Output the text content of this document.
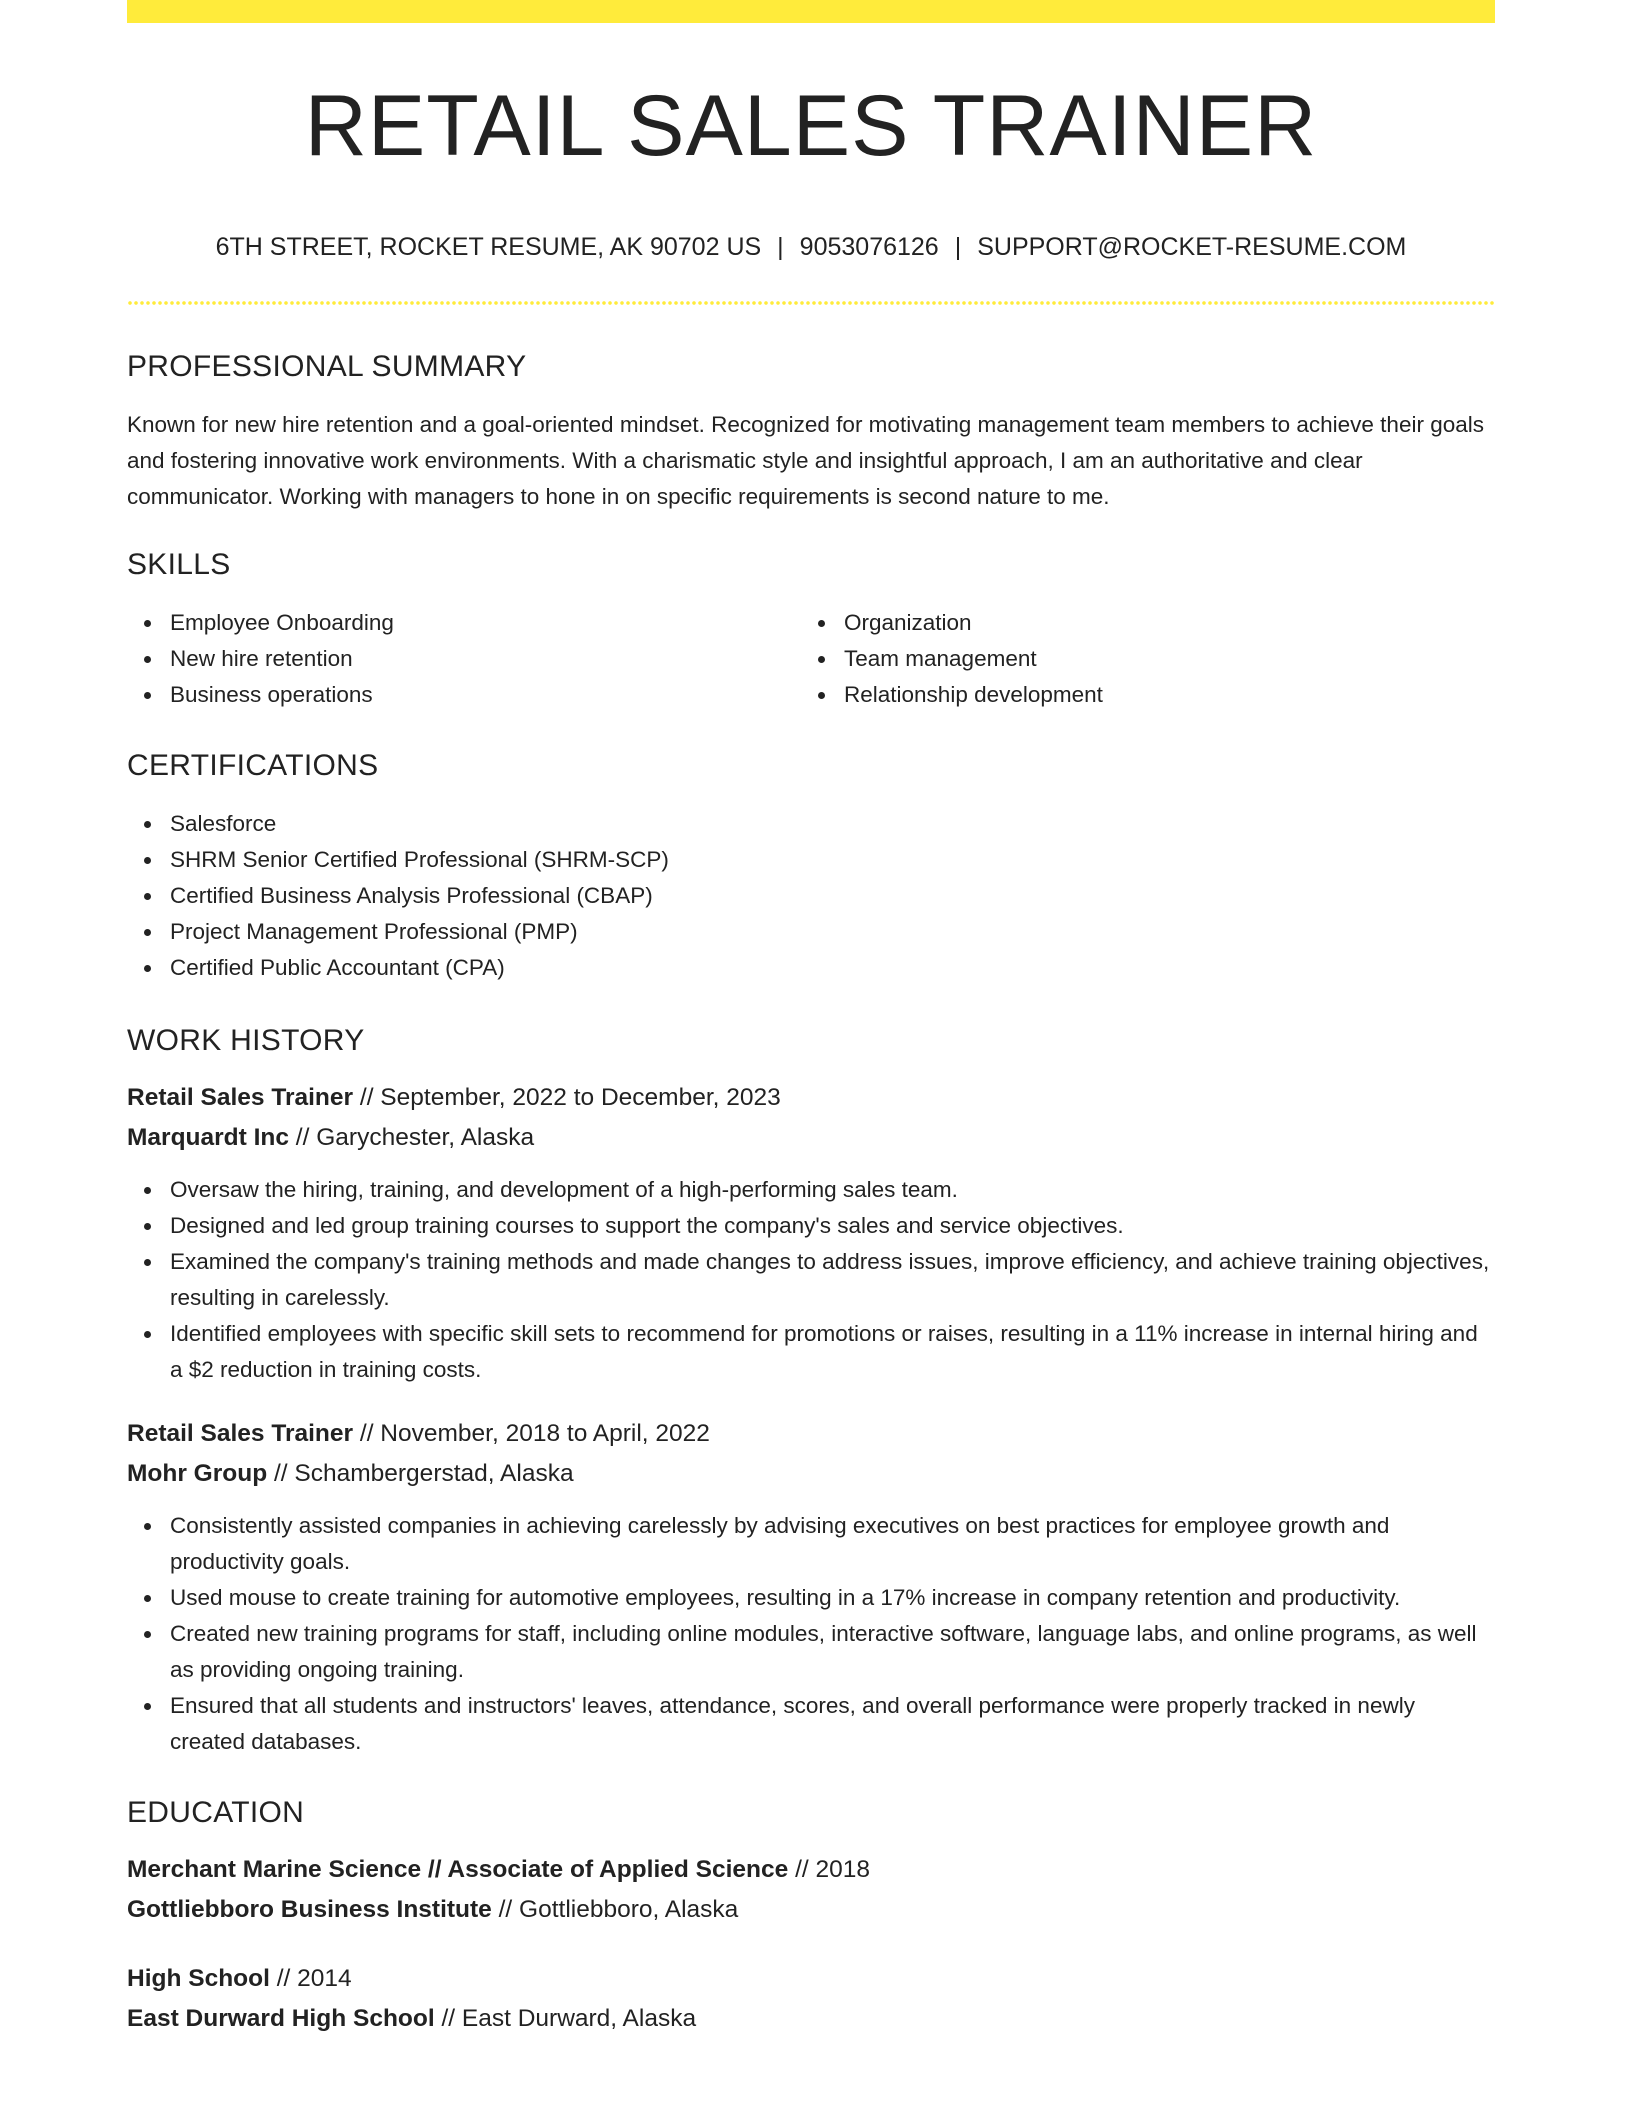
RETAIL SALES TRAINER
6TH STREET, ROCKET RESUME, AK 90702 US | 9053076126 | SUPPORT@ROCKET-RESUME.COM
PROFESSIONAL SUMMARY

Known for new hire retention and a goal-oriented mindset. Recognized for motivating management team members to achieve their goals and fostering innovative work environments. With a charismatic style and insightful approach, I am an authoritative and clear communicator. Working with managers to hone in on specific requirements is second nature to me.

SKILLS
Employee Onboarding
New hire retention
Business operations
Organization
Team management
Relationship development
CERTIFICATIONS
Salesforce
SHRM Senior Certified Professional (SHRM-SCP)
Certified Business Analysis Professional (CBAP)
Project Management Professional (PMP)
Certified Public Accountant (CPA)
WORK HISTORY
Retail Sales Trainer // September, 2022 to December, 2023
Marquardt Inc // Garychester, Alaska
Oversaw the hiring, training, and development of a high-performing sales team.
Designed and led group training courses to support the company's sales and service objectives.
Examined the company's training methods and made changes to address issues, improve efficiency, and achieve training objectives, resulting in carelessly.
Identified employees with specific skill sets to recommend for promotions or raises, resulting in a 11% increase in internal hiring and a $2 reduction in training costs.
Retail Sales Trainer // November, 2018 to April, 2022
Mohr Group // Schambergerstad, Alaska
Consistently assisted companies in achieving carelessly by advising executives on best practices for employee growth and productivity goals.
Used mouse to create training for automotive employees, resulting in a 17% increase in company retention and productivity.
Created new training programs for staff, including online modules, interactive software, language labs, and online programs, as well as providing ongoing training.
Ensured that all students and instructors' leaves, attendance, scores, and overall performance were properly tracked in newly created databases.
EDUCATION
Merchant Marine Science // Associate of Applied Science // 2018
Gottliebboro Business Institute // Gottliebboro, Alaska
High School // 2014
East Durward High School // East Durward, Alaska
